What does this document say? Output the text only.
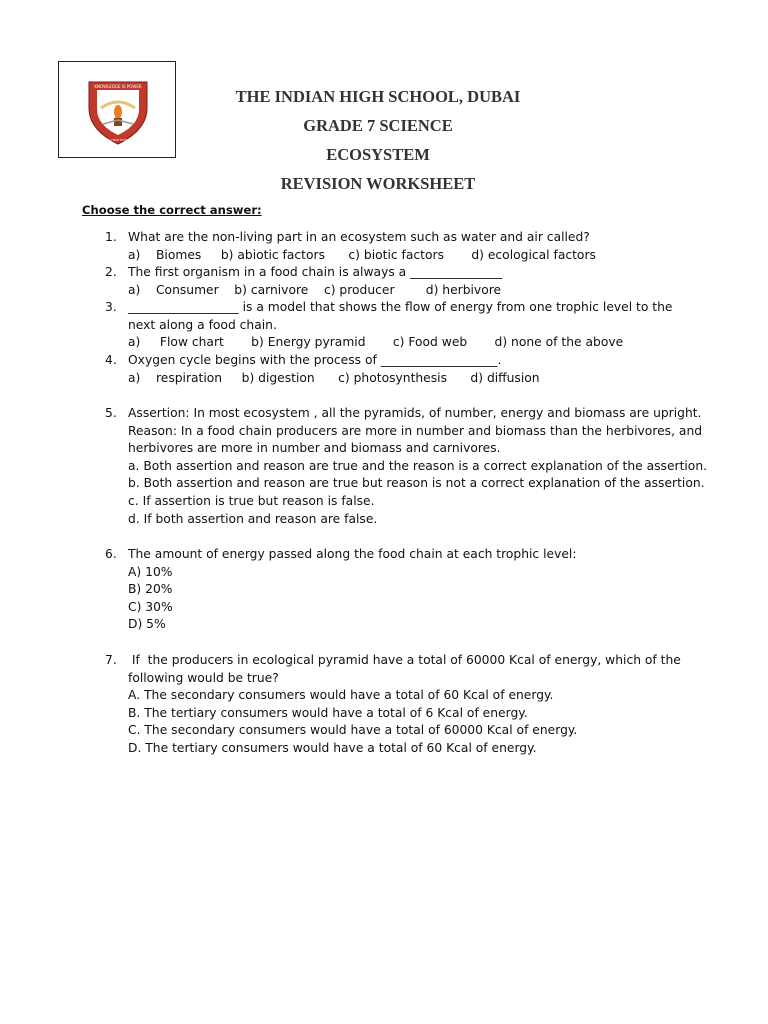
KNOWLEDGE IS POWER
THE INDIAN HIGH SCHOOL DUBAI
THE INDIAN HIGH SCHOOL, DUBAI
GRADE 7 SCIENCE
ECOSYSTEM
REVISION WORKSHEET
Choose the correct answer:
1. What are the non-living part in an ecosystem such as water and air called?
a)    Biomes     b) abiotic factors      c) biotic factors       d) ecological factors
2. The first organism in a food chain is always a _______________
a)    Consumer    b) carnivore    c) producer        d) herbivore
3. __________________ is a model that shows the flow of energy from one trophic level to the
next along a food chain.
a)     Flow chart       b) Energy pyramid       c) Food web       d) none of the above
4. Oxygen cycle begins with the process of ___________________.
a)    respiration     b) digestion      c) photosynthesis      d) diffusion
5. Assertion: In most ecosystem , all the pyramids, of number, energy and biomass are upright.
Reason: In a food chain producers are more in number and biomass than the herbivores, and
herbivores are more in number and biomass and carnivores.
a. Both assertion and reason are true and the reason is a correct explanation of the assertion.
b. Both assertion and reason are true but reason is not a correct explanation of the assertion.
c. If assertion is true but reason is false.
d. If both assertion and reason are false.
6. The amount of energy passed along the food chain at each trophic level:
A) 10%
B) 20%
C) 30%
D) 5%
7. If  the producers in ecological pyramid have a total of 60000 Kcal of energy, which of the
following would be true?
A. The secondary consumers would have a total of 60 Kcal of energy.
B. The tertiary consumers would have a total of 6 Kcal of energy.
C. The secondary consumers would have a total of 60000 Kcal of energy.
D. The tertiary consumers would have a total of 60 Kcal of energy.
